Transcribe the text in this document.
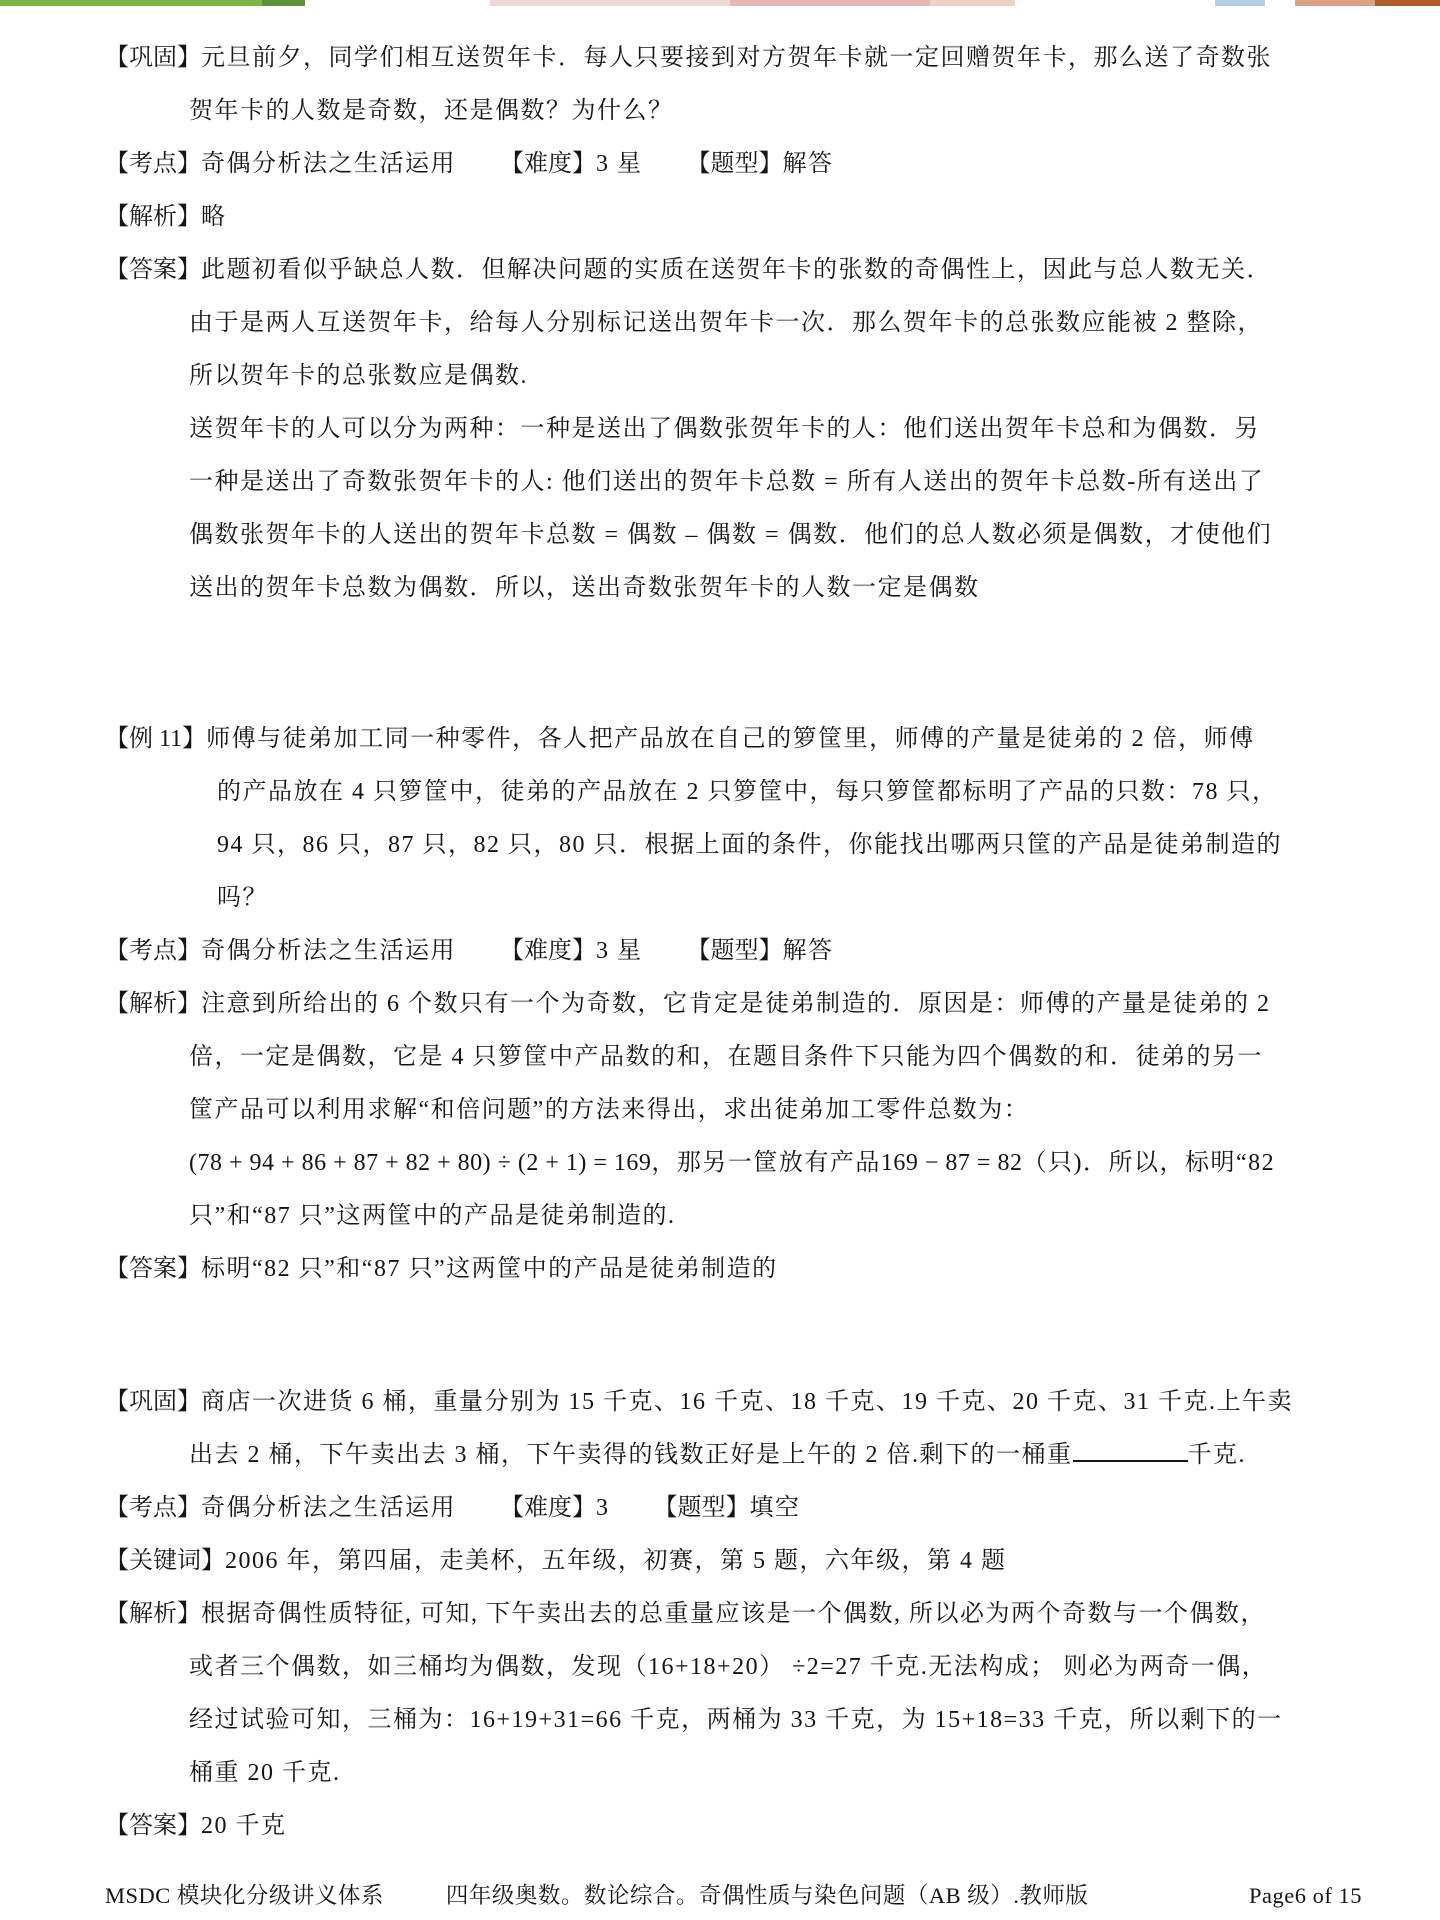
【巩固】元旦前夕，同学们相互送贺年卡．每人只要接到对方贺年卡就一定回赠贺年卡，那么送了奇数张
贺年卡的人数是奇数，还是偶数？为什么？
【考点】奇偶分析法之生活运用 【难度】3 星 【题型】解答
【解析】略
【答案】此题初看似乎缺总人数．但解决问题的实质在送贺年卡的张数的奇偶性上，因此与总人数无关．
由于是两人互送贺年卡，给每人分别标记送出贺年卡一次．那么贺年卡的总张数应能被 2 整除，
所以贺年卡的总张数应是偶数.
送贺年卡的人可以分为两种：一种是送出了偶数张贺年卡的人：他们送出贺年卡总和为偶数．另
一种是送出了奇数张贺年卡的人: 他们送出的贺年卡总数 = 所有人送出的贺年卡总数-所有送出了
偶数张贺年卡的人送出的贺年卡总数 = 偶数 – 偶数 = 偶数．他们的总人数必须是偶数，才使他们
送出的贺年卡总数为偶数．所以，送出奇数张贺年卡的人数一定是偶数
【例 11】师傅与徒弟加工同一种零件，各人把产品放在自己的箩筐里，师傅的产量是徒弟的 2 倍，师傅
的产品放在 4 只箩筐中，徒弟的产品放在 2 只箩筐中，每只箩筐都标明了产品的只数：78 只，
94 只，86 只，87 只，82 只，80 只．根据上面的条件，你能找出哪两只筐的产品是徒弟制造的
吗？
【考点】奇偶分析法之生活运用 【难度】3 星 【题型】解答
【解析】注意到所给出的 6 个数只有一个为奇数，它肯定是徒弟制造的．原因是：师傅的产量是徒弟的 2
倍，一定是偶数，它是 4 只箩筐中产品数的和，在题目条件下只能为四个偶数的和．徒弟的另一
筐产品可以利用求解“和倍问题”的方法来得出，求出徒弟加工零件总数为：
(78 + 94 + 86 + 87 + 82 + 80) ÷ (2 + 1) = 169，那另一筐放有产品169 − 87 = 82（只)．所以，标明“82
只”和“87 只”这两筐中的产品是徒弟制造的.
【答案】标明“82 只”和“87 只”这两筐中的产品是徒弟制造的
【巩固】商店一次进货 6 桶，重量分别为 15 千克、16 千克、18 千克、19 千克、20 千克、31 千克.上午卖
出去 2 桶，下午卖出去 3 桶，下午卖得的钱数正好是上午的 2 倍.剩下的一桶重	千克.
【考点】奇偶分析法之生活运用 【难度】3 【题型】填空
【关键词】2006 年，第四届，走美杯，五年级，初赛，第 5 题，六年级，第 4 题
【解析】根据奇偶性质特征, 可知, 下午卖出去的总重量应该是一个偶数, 所以必为两个奇数与一个偶数，
或者三个偶数，如三桶均为偶数，发现（16+18+20） ÷2=27 千克.无法构成； 则必为两奇一偶，
经过试验可知，三桶为：16+19+31=66 千克，两桶为 33 千克，为 15+18=33 千克，所以剩下的一
桶重 20 千克.
【答案】20 千克
MSDC 模块化分级讲义体系	四年级奥数。数论综合。奇偶性质与染色问题（AB 级）.教师版	Page6 of 15
